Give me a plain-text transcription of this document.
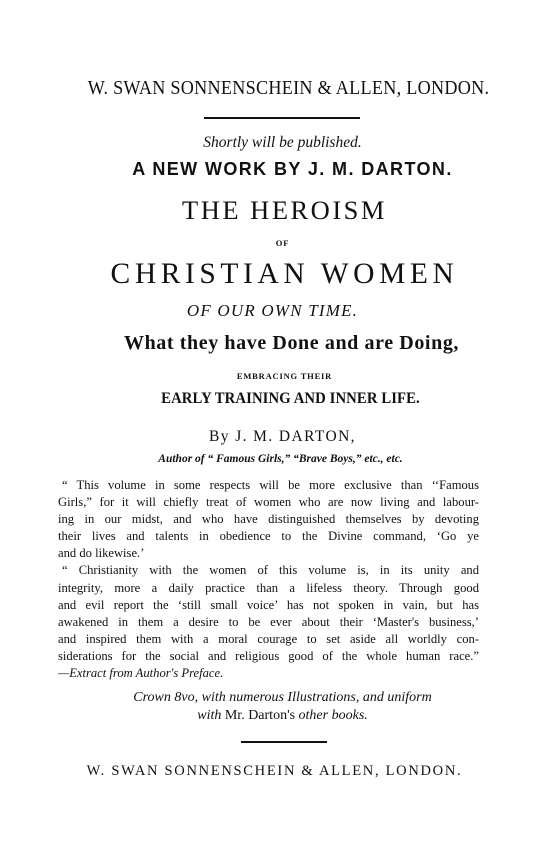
W. SWAN SONNENSCHEIN & ALLEN, LONDON.
Shortly will be published.
A NEW WORK BY J. M. DARTON.
THE HEROISM
OF
CHRISTIAN WOMEN
OF OUR OWN TIME.
What they have Done and are Doing,
EMBRACING THEIR
EARLY TRAINING AND INNER LIFE.
By J. M. DARTON,
Author of “ Famous Girls,” “Brave Boys,” etc., etc.
“ This volume in some respects will be more exclusive than ‘‘Famous
Girls,” for it will chiefly treat of women who are now living and labour-
ing in our midst, and who have distinguished themselves by devoting
their lives and talents in obedience to the Divine command, ‘Go ye
and do likewise.’
“ Christianity with the women of this volume is, in its unity and
integrity, more a daily practice than a lifeless theory. Through good
and evil report the ‘still small voice’ has not spoken in vain, but has
awakened in them a desire to be ever about their ‘Master's business,’
and inspired them with a moral courage to set aside all worldly con-
siderations for the social and religious good of the whole human race.”
—Extract from Author's Preface.
Crown 8vo, with numerous Illustrations, and uniform
with Mr. Darton's other books.
W. SWAN SONNENSCHEIN & ALLEN, LONDON.
